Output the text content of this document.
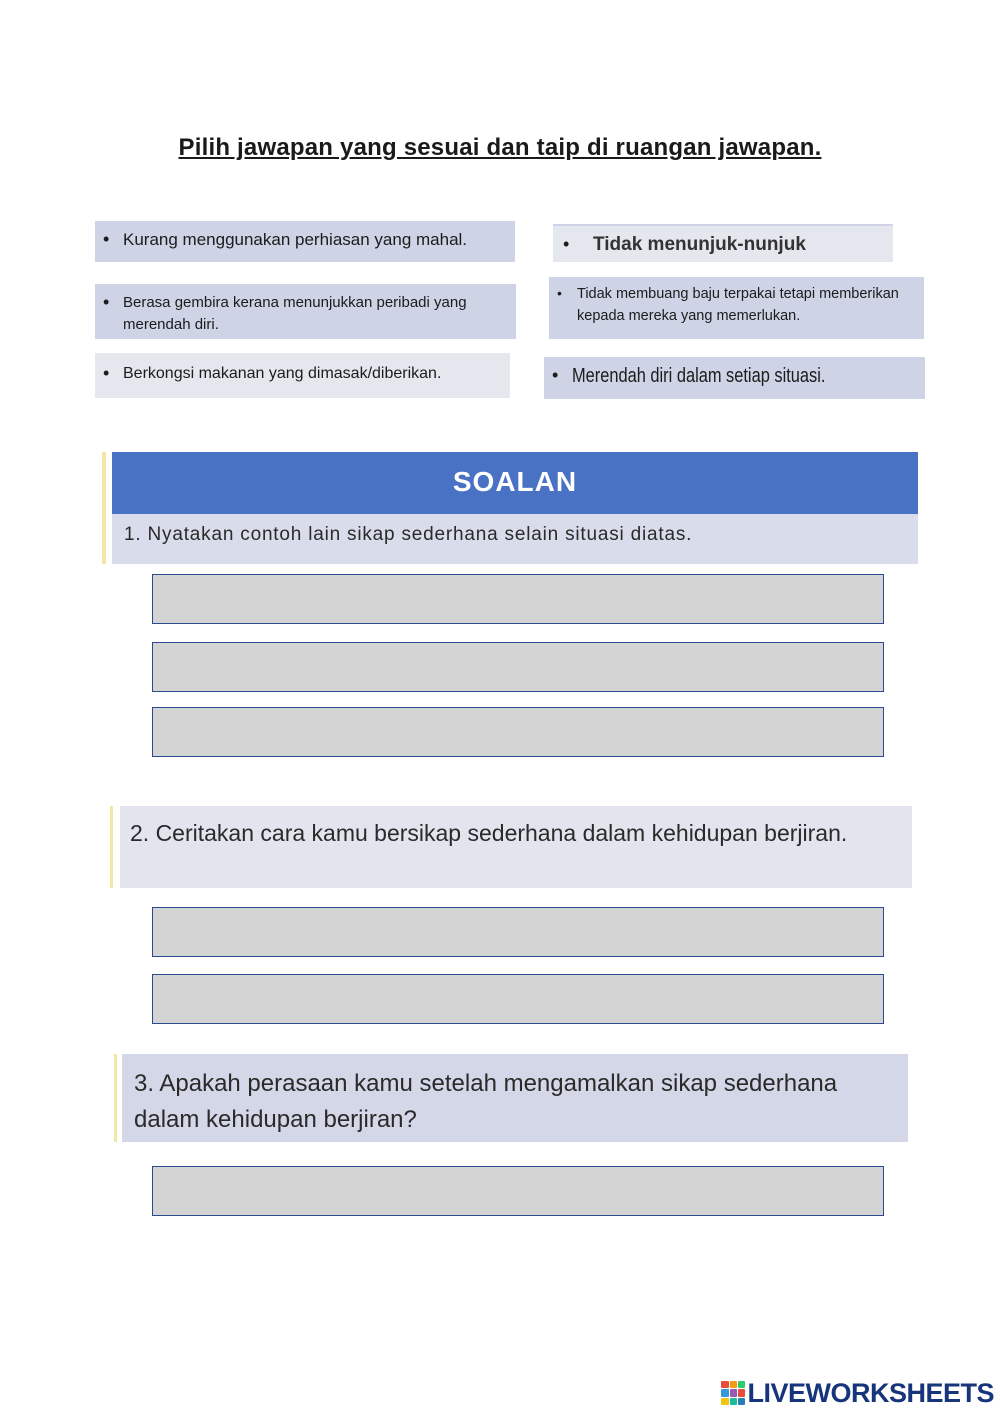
Pilih jawapan yang sesuai dan taip di ruangan jawapan.
• Kurang menggunakan perhiasan yang mahal.	•	Tidak menunjuk-nunjuk
• Berasa gembira kerana menunjukkan peribadi yang merendah diri.
•	Tidak membuang baju terpakai tetapi memberikan kepada mereka yang memerlukan.
• Berkongsi makanan yang dimasak/diberikan.	• Merendah diri dalam setiap situasi.
SOALAN
1. Nyatakan contoh lain sikap sederhana selain situasi diatas.
2. Ceritakan cara kamu bersikap sederhana dalam kehidupan berjiran.
3. Apakah perasaan kamu setelah mengamalkan sikap sederhana dalam kehidupan berjiran?
LIVEWORKSHEETS
